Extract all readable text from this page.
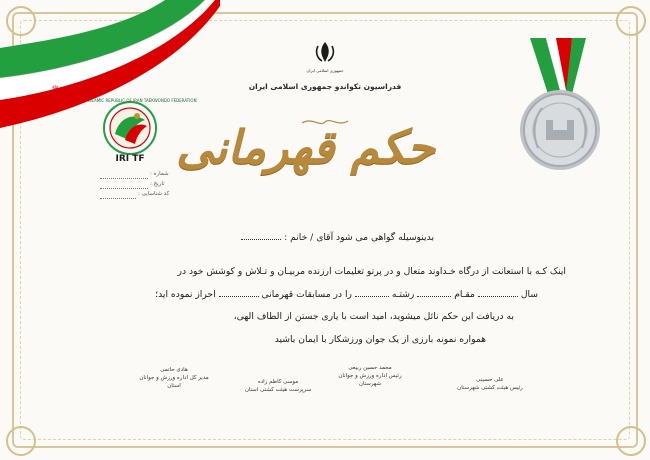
☫
جمهوری اسلامی ایران
فدراسیون تکواندو جمهوری اسلامی ایران
ISLAMIC REPUBLIC OF IRAN TAEKWONDO FEDERATION
IRI TF
شماره :
تاریخ :
کد شناسایی :
حکم قهرمانی
بدینوسیله گواهی می شود آقای / خانم :
اینک کـه با استعانت از درگاه خـداوند متعال و در پرتو تعلیمات ارزنده مربیـان و تـلاش و کوشش خود در
سال  مقـام  رشتـه  را در مسابقات قهرمانی  احراز نموده اید؛
به دریافت این حکم نائل میشوید، امید است با یاری جستن از الطاف الهی،
همواره نمونه بارزی از یک جوان ورزشکار با ایمان باشید
علی حسینی
رئیس هیئت کشتی شهرستان
محمد حسین ربیعی
رئیس اداره ورزش و جوانان
شهرستان
موسی کاظم زاده
سرپرست هیئت کشتی استان
هادی حاتمی
مدیر کل اداره ورزش و جوانان
استان
